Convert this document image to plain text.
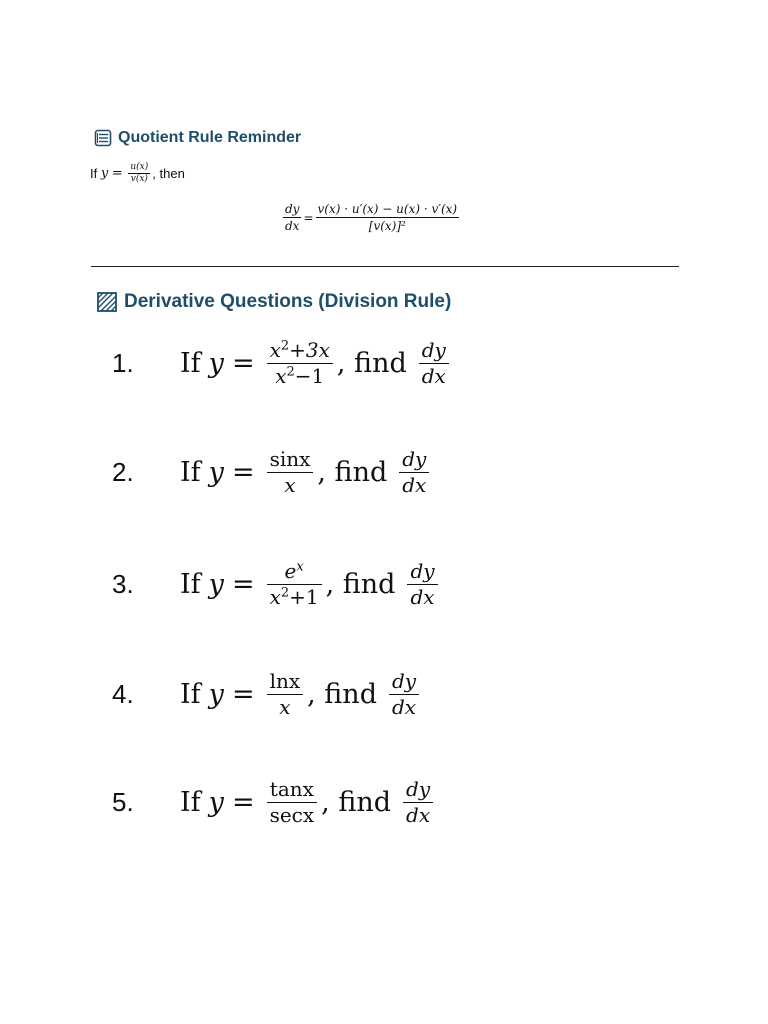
Quotient Rule Reminder
If
y
=
$\frac{u(x)}{v(x)}$ , then
$\frac{dy}{dx} = \frac{v(x) \cdot u'(x) - u(x) \cdot v'(x)}{\text{[v(x)]²}}$
Derivative Questions (Division Rule)
1.	If $y = \frac{x^2+3x}{x^2-1}$ , find $\frac{dy}{dx}$
2.	If $y = \frac{\sin x}{x}$ , find $\frac{dy}{dx}$
3.	If $y = \frac{e^x}{x^2+1}$ , find $\frac{dy}{dx}$
4.	If $y = \frac{\ln x}{x}$ , find $\frac{dy}{dx}$
5.	If $y = \frac{\tan x}{\sec x}$ , find $\frac{dy}{dx}$
